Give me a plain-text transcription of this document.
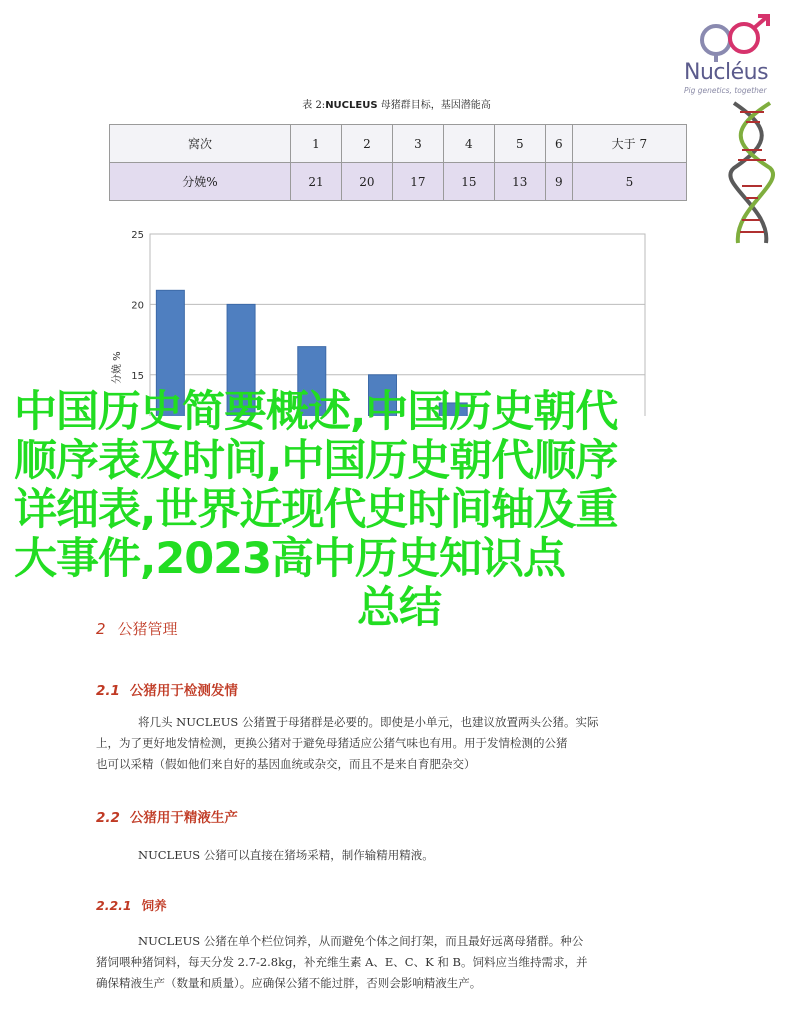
Nucléus
Pig genetics, together
表 2:NUCLEUS 母猪群目标，基因潜能高
窝次	1	2	3	4	5	6	大于 7
分娩%	21	20	17	15	13	9	5
15
20
25
分娩 %
中国历史简要概述,中国历史朝代
顺序表及时间,中国历史朝代顺序
详细表,世界近现代史时间轴及重
大事件,2023高中历史知识点
总结
2 公猪管理
2.1 公猪用于检测发情
将几头 NUCLEUS 公猪置于母猪群是必要的。即使是小单元，也建议放置两头公猪。实际
上，为了更好地发情检测，更换公猪对于避免母猪适应公猪气味也有用。用于发情检测的公猪
也可以采精（假如他们来自好的基因血统或杂交，而且不是来自育肥杂交）
2.2 公猪用于精液生产
NUCLEUS 公猪可以直接在猪场采精，制作输精用精液。
2.2.1 饲养
NUCLEUS 公猪在单个栏位饲养，从而避免个体之间打架，而且最好远离母猪群。种公
猪饲喂种猪饲料，每天分发 2.7-2.8kg，补充维生素 A、E、C、K 和 B。饲料应当维持需求，并
确保精液生产（数量和质量）。应确保公猪不能过胖，否则会影响精液生产。
